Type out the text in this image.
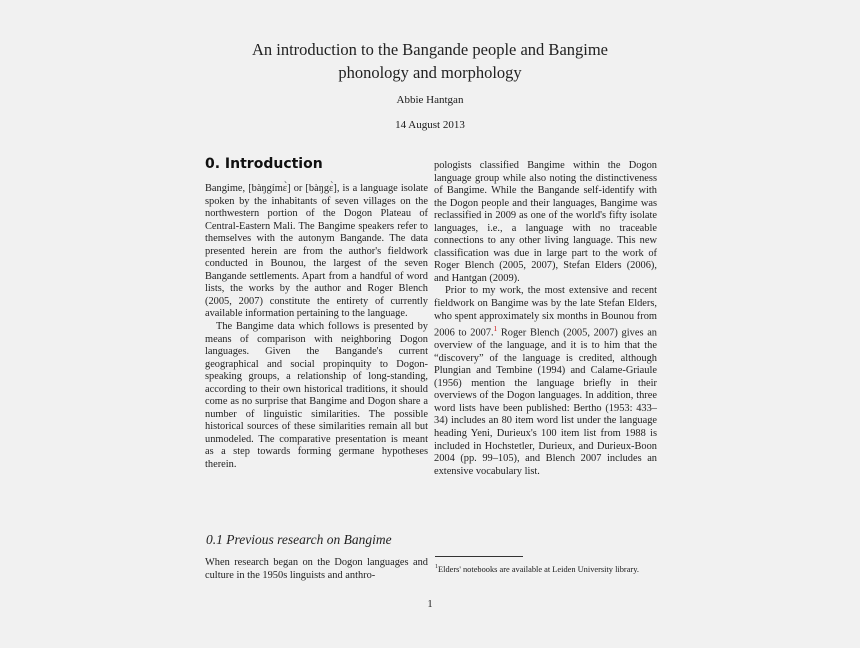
An introduction to the Bangande people and Bangime
phonology and morphology
Abbie Hantgan
14 August 2013
0. Introduction

Bangime, [bàŋgímɛ̀] or [bàŋgɛ̀], is a language isolate spoken by the inhabitants of seven villages on the northwestern portion of the Dogon Plateau of Central-Eastern Mali. The Bangime speakers refer to themselves with the autonym Bangande. The data presented herein are from the author's fieldwork conducted in Bounou, the largest of the seven Bangande settlements. Apart from a handful of word lists, the works by the author and Roger Blench (2005, 2007) constitute the entirety of currently available information pertaining to the language.

The Bangime data which follows is presented by means of comparison with neighboring Dogon languages. Given the Bangande's current geographical and social propinquity to Dogon-speaking groups, a relationship of long-standing, according to their own historical traditions, it should come as no surprise that Bangime and Dogon share a number of linguistic similarities. The possible historical sources of these similarities remain all but unmodeled. The comparative presentation is meant as a step towards forming germane hypotheses therein.

0.1 Previous research on Bangime

When research began on the Dogon languages and culture in the 1950s linguists and anthro-

pologists classified Bangime within the Dogon language group while also noting the distinctiveness of Bangime. While the Bangande self-identify with the Dogon people and their languages, Bangime was reclassified in 2009 as one of the world's fifty isolate languages, i.e., a language with no traceable connections to any other living language. This new classification was due in large part to the work of Roger Blench (2005, 2007), Stefan Elders (2006), and Hantgan (2009).

Prior to my work, the most extensive and recent fieldwork on Bangime was by the late Stefan Elders, who spent approximately six months in Bounou from 2006 to 2007.$^1$ Roger Blench (2005, 2007) gives an overview of the language, and it is to him that the “discovery” of the language is credited, although Plungian and Tembine (1994) and Calame-Griaule (1956) mention the language briefly in their overviews of the Dogon languages. In addition, three word lists have been published: Bertho (1953: 433–34) includes an 80 item word list under the language heading Yeni, Durieux's 100 item list from 1988 is included in Hochstetler, Durieux, and Durieux-Boon 2004 (pp. 99–105), and Blench 2007 includes an extensive vocabulary list.

$^1$Elders' notebooks are available at Leiden University library.
1
